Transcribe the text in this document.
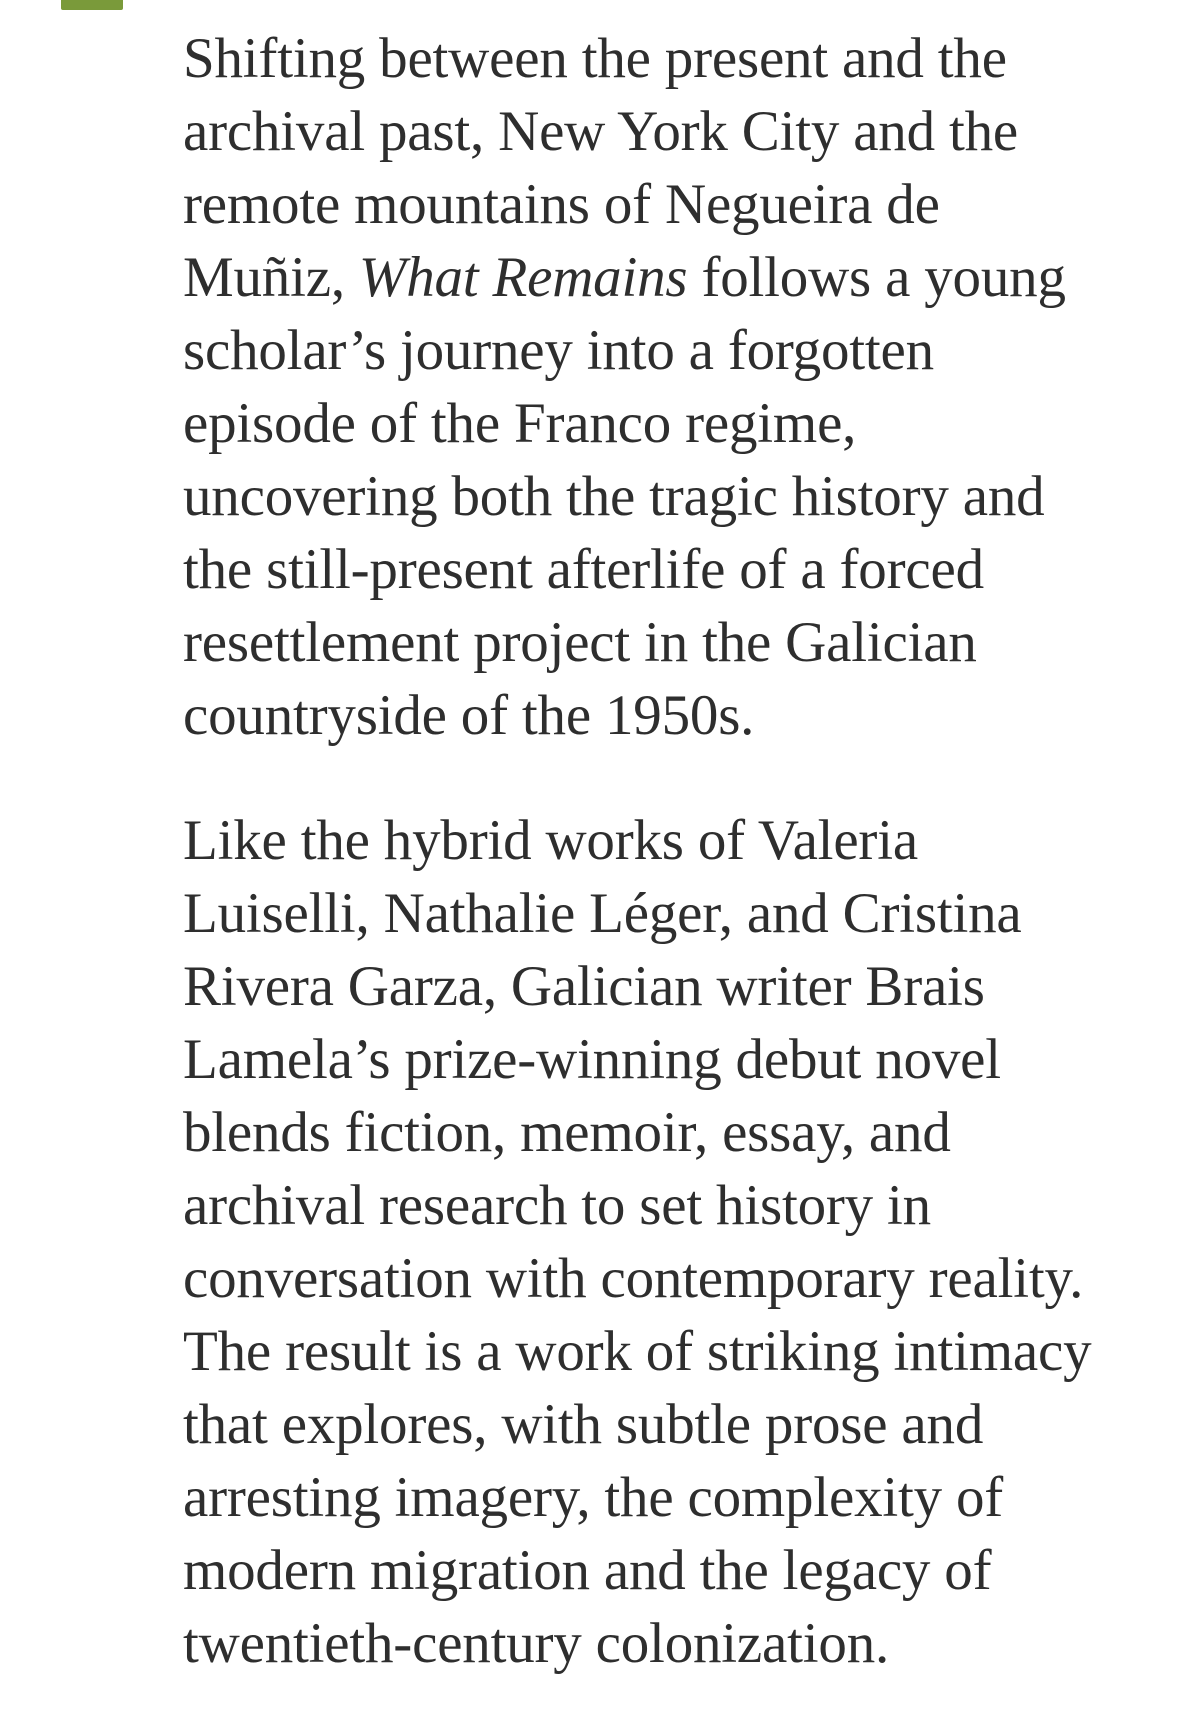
Shifting between the present and the archival past, New York City and the remote mountains of Negueira de Muñiz, What Remains follows a young scholar’s journey into a forgotten episode of the Franco regime, uncovering both the tragic history and the still-present afterlife of a forced resettlement project in the Galician countryside of the 1950s.

Like the hybrid works of Valeria Luiselli, Nathalie Léger, and Cristina Rivera Garza, Galician writer Brais Lamela’s prize-winning debut novel blends fiction, memoir, essay, and archival research to set history in conversation with contemporary reality. The result is a work of striking intimacy that explores, with subtle prose and arresting imagery, the complexity of modern migration and the legacy of twentieth-century colonization.
